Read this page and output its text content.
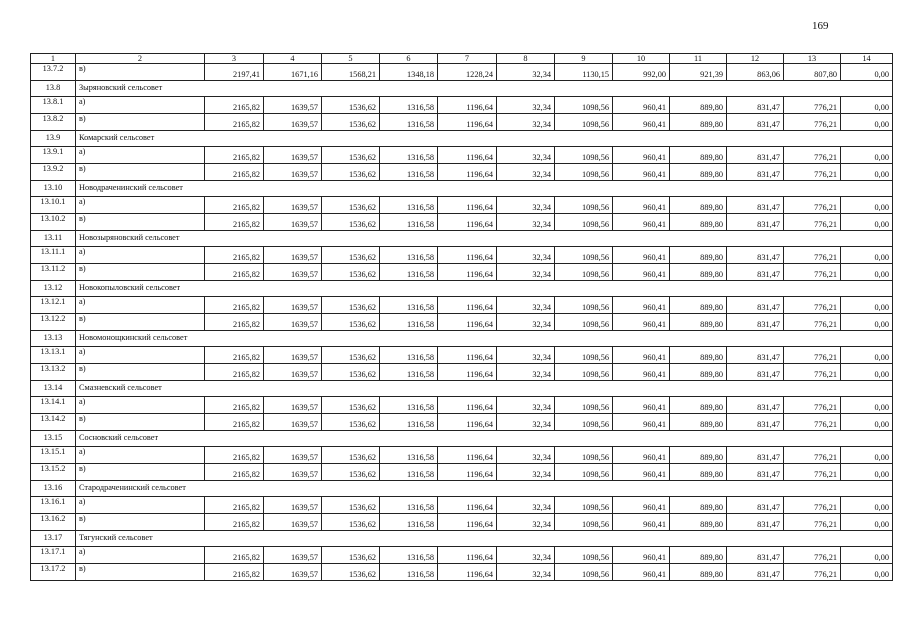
169
1	2	3	4	5	6	7	8	9	10	11	12	13	14
13.7.2	в)	2197,41	1671,16	1568,21	1348,18	1228,24	32,34	1130,15	992,00	921,39	863,06	807,80	0,00
13.8	Зыряновский сельсовет												
13.8.1	а)	2165,82	1639,57	1536,62	1316,58	1196,64	32,34	1098,56	960,41	889,80	831,47	776,21	0,00
13.8.2	в)	2165,82	1639,57	1536,62	1316,58	1196,64	32,34	1098,56	960,41	889,80	831,47	776,21	0,00
13.9	Комарский сельсовет												
13.9.1	а)	2165,82	1639,57	1536,62	1316,58	1196,64	32,34	1098,56	960,41	889,80	831,47	776,21	0,00
13.9.2	в)	2165,82	1639,57	1536,62	1316,58	1196,64	32,34	1098,56	960,41	889,80	831,47	776,21	0,00
13.10	Новодраченинский сельсовет												
13.10.1	а)	2165,82	1639,57	1536,62	1316,58	1196,64	32,34	1098,56	960,41	889,80	831,47	776,21	0,00
13.10.2	в)	2165,82	1639,57	1536,62	1316,58	1196,64	32,34	1098,56	960,41	889,80	831,47	776,21	0,00
13.11	Новозыряновский сельсовет												
13.11.1	а)	2165,82	1639,57	1536,62	1316,58	1196,64	32,34	1098,56	960,41	889,80	831,47	776,21	0,00
13.11.2	в)	2165,82	1639,57	1536,62	1316,58	1196,64	32,34	1098,56	960,41	889,80	831,47	776,21	0,00
13.12	Новокопыловский сельсовет												
13.12.1	а)	2165,82	1639,57	1536,62	1316,58	1196,64	32,34	1098,56	960,41	889,80	831,47	776,21	0,00
13.12.2	в)	2165,82	1639,57	1536,62	1316,58	1196,64	32,34	1098,56	960,41	889,80	831,47	776,21	0,00
13.13	Новомонощкинский сельсовет												
13.13.1	а)	2165,82	1639,57	1536,62	1316,58	1196,64	32,34	1098,56	960,41	889,80	831,47	776,21	0,00
13.13.2	в)	2165,82	1639,57	1536,62	1316,58	1196,64	32,34	1098,56	960,41	889,80	831,47	776,21	0,00
13.14	Смазневский сельсовет												
13.14.1	а)	2165,82	1639,57	1536,62	1316,58	1196,64	32,34	1098,56	960,41	889,80	831,47	776,21	0,00
13.14.2	в)	2165,82	1639,57	1536,62	1316,58	1196,64	32,34	1098,56	960,41	889,80	831,47	776,21	0,00
13.15	Сосновский сельсовет												
13.15.1	а)	2165,82	1639,57	1536,62	1316,58	1196,64	32,34	1098,56	960,41	889,80	831,47	776,21	0,00
13.15.2	в)	2165,82	1639,57	1536,62	1316,58	1196,64	32,34	1098,56	960,41	889,80	831,47	776,21	0,00
13.16	Стародраченинский сельсовет												
13.16.1	а)	2165,82	1639,57	1536,62	1316,58	1196,64	32,34	1098,56	960,41	889,80	831,47	776,21	0,00
13.16.2	в)	2165,82	1639,57	1536,62	1316,58	1196,64	32,34	1098,56	960,41	889,80	831,47	776,21	0,00
13.17	Тягунский сельсовет												
13.17.1	а)	2165,82	1639,57	1536,62	1316,58	1196,64	32,34	1098,56	960,41	889,80	831,47	776,21	0,00
13.17.2	в)	2165,82	1639,57	1536,62	1316,58	1196,64	32,34	1098,56	960,41	889,80	831,47	776,21	0,00
